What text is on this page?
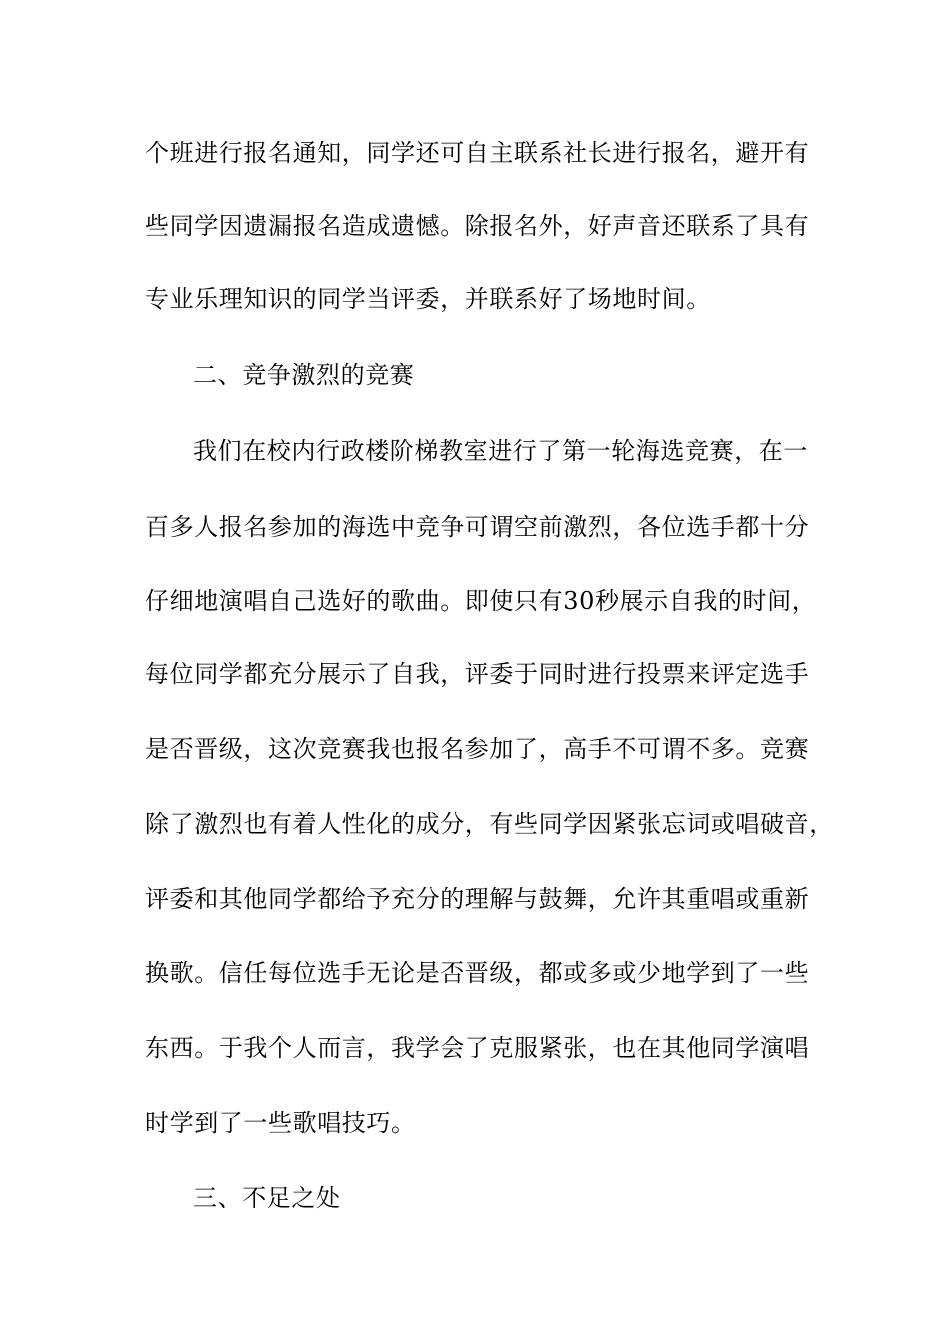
个班进行报名通知，同学还可自主联系社长进行报名，避开有
些同学因遗漏报名造成遗憾。除报名外，好声音还联系了具有
专业乐理知识的同学当评委，并联系好了场地时间。
二、竞争激烈的竞赛
我们在校内行政楼阶梯教室进行了第一轮海选竞赛，在一
百多人报名参加的海选中竞争可谓空前激烈，各位选手都十分
仔细地演唱自己选好的歌曲。即使只有30秒展示自我的时间，
每位同学都充分展示了自我，评委于同时进行投票来评定选手
是否晋级，这次竞赛我也报名参加了，高手不可谓不多。竞赛
除了激烈也有着人性化的成分，有些同学因紧张忘词或唱破音，
评委和其他同学都给予充分的理解与鼓舞，允许其重唱或重新
换歌。信任每位选手无论是否晋级，都或多或少地学到了一些
东西。于我个人而言，我学会了克服紧张，也在其他同学演唱
时学到了一些歌唱技巧。
三、不足之处
